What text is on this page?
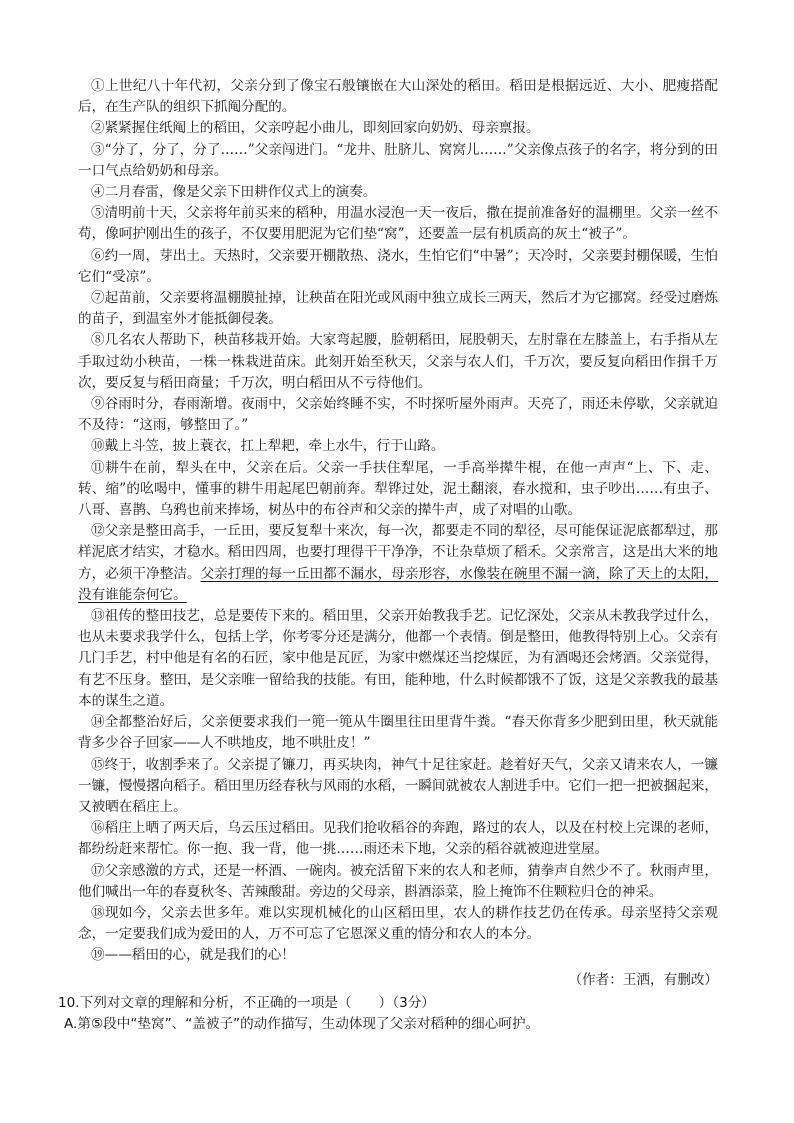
①上世纪八十年代初，父亲分到了像宝石般镶嵌在大山深处的稻田。稻田是根据远近、大小、肥瘦搭配后，在生产队的组织下抓阄分配的。

②紧紧握住纸阄上的稻田，父亲哼起小曲儿，即刻回家向奶奶、母亲禀报。

③“分了，分了，分了……”父亲闯进门。“龙井、肚脐儿、窝窝儿……”父亲像点孩子的名字，将分到的田一口气点给奶奶和母亲。

④二月春雷，像是父亲下田耕作仪式上的演奏。

⑤清明前十天，父亲将年前买来的稻种，用温水浸泡一天一夜后，撒在提前准备好的温棚里。父亲一丝不苟，像呵护刚出生的孩子，不仅要用肥泥为它们垫“窝”，还要盖一层有机质高的灰土“被子”。

⑥约一周，芽出土。天热时，父亲要开棚散热、浇水，生怕它们“中暑”；天冷时，父亲要封棚保暖，生怕它们“受凉”。

⑦起苗前，父亲要将温棚膜扯掉，让秧苗在阳光或风雨中独立成长三两天，然后才为它挪窝。经受过磨炼的苗子，到温室外才能抵御侵袭。

⑧几名农人帮助下，秧苗移栽开始。大家弯起腰，脸朝稻田，屁股朝天，左肘靠在左膝盖上，右手指从左手取过幼小秧苗，一株一株栽进苗床。此刻开始至秋天，父亲与农人们，千万次，要反复向稻田作揖千万次，要反复与稻田商量；千万次，明白稻田从不亏待他们。

⑨谷雨时分，春雨渐增。夜雨中，父亲始终睡不实，不时探听屋外雨声。天亮了，雨还未停歇，父亲就迫不及待：“这雨，够整田了。”

⑩戴上斗笠，披上蓑衣，扛上犁耙，牵上水牛，行于山路。

⑪耕牛在前，犁头在中，父亲在后。父亲一手扶住犁尾，一手高举撵牛棍，在他一声声“上、下、走、转、缩”的吆喝中，懂事的耕牛用起尾巴朝前奔。犁铧过处，泥土翻滚，春水搅和，虫子吵出……有虫子、八哥、喜鹊、乌鸦也前来捧场，树丛中的布谷声和父亲的撵牛声，成了对唱的山歌。

⑫父亲是整田高手，一丘田，要反复犁十来次，每一次，都要走不同的犁径，尽可能保证泥底都犁过，那样泥底才结实，才稳水。稻田四周，也要打理得干干净净，不让杂草烦了稻禾。父亲常言，这是出大米的地方，必须干净整洁。父亲打理的每一丘田都不漏水，母亲形容，水像装在碗里不漏一滴，除了天上的太阳，没有谁能奈何它。

⑬祖传的整田技艺，总是要传下来的。稻田里，父亲开始教我手艺。记忆深处，父亲从未教我学过什么，也从未要求我学什么，包括上学，你考零分还是满分，他都一个表情。倒是整田，他教得特别上心。父亲有几门手艺，村中他是有名的石匠，家中他是瓦匠，为家中燃煤还当挖煤匠，为有酒喝还会烤酒。父亲觉得，有艺不压身。整田，是父亲唯一留给我的技能。有田，能种地，什么时候都饿不了饭，这是父亲教我的最基本的谋生之道。

⑭全都整治好后，父亲便要求我们一篼一篼从牛圈里往田里背牛粪。“春天你背多少肥到田里，秋天就能背多少谷子回家——人不哄地皮，地不哄肚皮！”

⑮终于，收割季来了。父亲提了镰刀，再买块肉，神气十足往家赶。趁着好天气，父亲又请来农人，一镰一镰，慢慢撂向稻子。稻田里历经春秋与风雨的水稻，一瞬间就被农人割进手中。它们一把一把被捆起来，又被晒在稻庄上。

⑯稻庄上晒了两天后，乌云压过稻田。见我们抢收稻谷的奔跑，路过的农人，以及在村校上完课的老师，都纷纷赶来帮忙。你一抱、我一背，他一挑……雨还未下地，父亲的稻谷就被迎进堂屋。

⑰父亲感激的方式，还是一杯酒、一碗肉。被充活留下来的农人和老师，猜拳声自然少不了。秋雨声里，他们喊出一年的春夏秋冬、苦辣酸甜。旁边的父母亲，斟酒添菜，脸上掩饰不住颗粒归仓的神采。

⑱现如今，父亲去世多年。难以实现机械化的山区稻田里，农人的耕作技艺仍在传承。母亲坚持父亲观念，一定要我们成为爱田的人，万不可忘了它恩深义重的情分和农人的本分。

⑲——稻田的心，就是我们的心！

（作者：王洒，有删改）

10.下列对文章的理解和分析，不正确的一项是（　　）（3分）

A.第⑤段中“垫窝”、“盖被子”的动作描写，生动体现了父亲对稻种的细心呵护。
